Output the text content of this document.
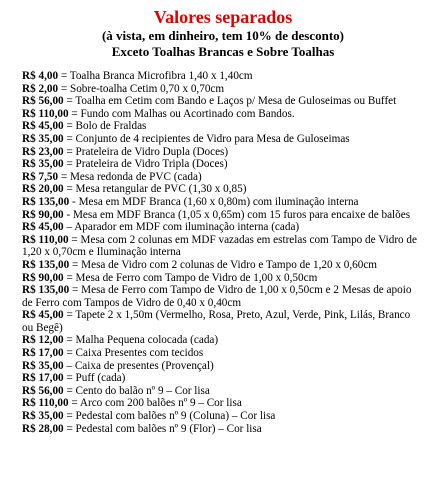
Valores separados
(à vista, em dinheiro, tem 10% de desconto)
Exceto Toalhas Brancas e Sobre Toalhas
R$ 4,00 = Toalha Branca Microfibra 1,40 x 1,40cm
R$ 2,00 = Sobre-toalha Cetim 0,70 x 0,70cm
R$ 56,00 = Toalha em Cetim com Bando e Laços p/ Mesa de Guloseimas ou Buffet
R$ 110,00 = Fundo com Malhas ou Acortinado com Bandos.
R$ 45,00 = Bolo de Fraldas
R$ 35,00 = Conjunto de 4 recipientes de Vidro para Mesa de Guloseimas
R$ 23,00 = Prateleira de Vidro Dupla (Doces)
R$ 35,00 = Prateleira de Vidro Tripla (Doces)
R$ 7,50 = Mesa redonda de PVC (cada)
R$ 20,00 = Mesa retangular de PVC (1,30 x 0,85)
R$ 135,00 - Mesa em MDF Branca (1,60 x 0,80m) com iluminação interna
R$ 90,00 - Mesa em MDF Branca (1,05 x 0,65m) com 15 furos para encaixe de balões
R$ 45,00 – Aparador em MDF com iluminação interna (cada)
R$ 110,00 = Mesa com 2 colunas em MDF vazadas em estrelas com Tampo de Vidro de 1,20 x 0,70cm e Iluminação interna
R$ 135,00 = Mesa de Vidro com 2 colunas de Vidro e Tampo de 1,20 x 0,60cm
R$ 90,00 = Mesa de Ferro com Tampo de Vidro de 1,00 x 0,50cm
R$ 135,00 = Mesa de Ferro com Tampo de Vidro de 1,00 x 0,50cm e 2 Mesas de apoio de Ferro com Tampos de Vidro de 0,40 x 0,40cm
R$ 45,00 = Tapete 2 x 1,50m (Vermelho, Rosa, Preto, Azul, Verde, Pink, Lilás, Branco ou Begê)
R$ 12,00 = Malha Pequena colocada (cada)
R$ 17,00 = Caixa Presentes com tecidos
R$ 35,00 – Caixa de presentes (Provençal)
R$ 17,00 = Puff (cada)
R$ 56,00 = Cento do balão nº 9 – Cor lisa
R$ 110,00 = Arco com 200 balões nº 9 – Cor lisa
R$ 35,00 = Pedestal com balões nº 9 (Coluna) – Cor lisa
R$ 28,00 = Pedestal com balões nº 9 (Flor) – Cor lisa
